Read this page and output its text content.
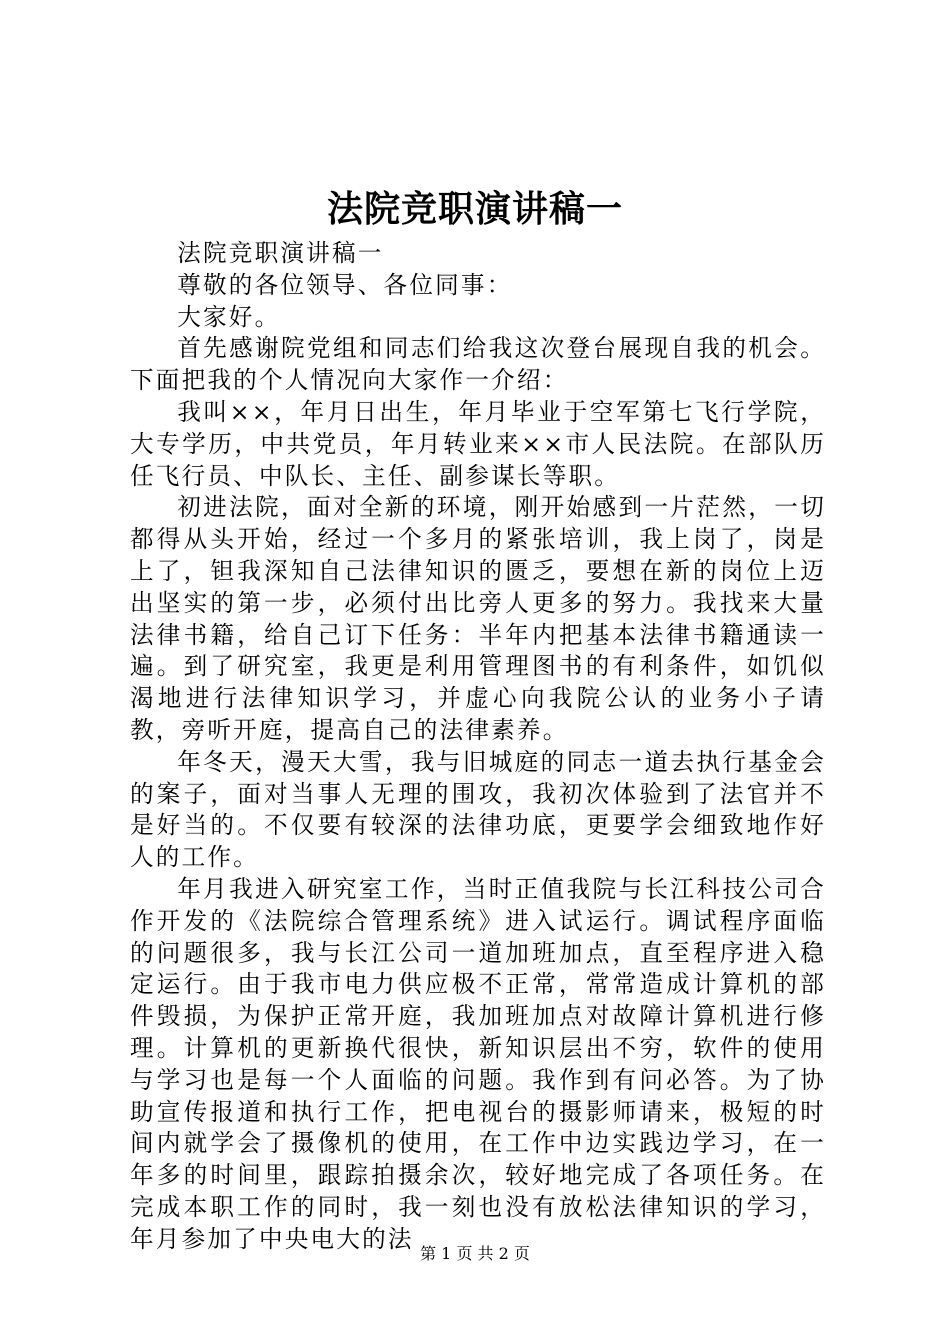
法院竞职演讲稿一

法院竞职演讲稿一

尊敬的各位领导、各位同事：

大家好。

首先感谢院党组和同志们给我这次登台展现自我的机会。下面把我的个人情况向大家作一介绍：

我叫××，年月日出生，年月毕业于空军第七飞行学院，大专学历，中共党员，年月转业来××市人民法院。在部队历任飞行员、中队长、主任、副参谋长等职。

初进法院，面对全新的环境，刚开始感到一片茫然，一切都得从头开始，经过一个多月的紧张培训，我上岗了，岗是上了，钽我深知自己法律知识的匮乏，要想在新的岗位上迈出坚实的第一步，必须付出比旁人更多的努力。我找来大量法律书籍，给自己订下任务：半年内把基本法律书籍通读一遍。到了研究室，我更是利用管理图书的有利条件，如饥似渴地进行法律知识学习，并虚心向我院公认的业务小子请教，旁听开庭，提高自己的法律素养。

年冬天，漫天大雪，我与旧城庭的同志一道去执行基金会的案子，面对当事人无理的围攻，我初次体验到了法官并不是好当的。不仅要有较深的法律功底，更要学会细致地作好人的工作。

年月我进入研究室工作，当时正值我院与长江科技公司合作开发的《法院综合管理系统》进入试运行。调试程序面临的问题很多，我与长江公司一道加班加点，直至程序进入稳定运行。由于我市电力供应极不正常，常常造成计算机的部件毁损，为保护正常开庭，我加班加点对故障计算机进行修理。计算机的更新换代很快，新知识层出不穷，软件的使用与学习也是每一个人面临的问题。我作到有问必答。为了协助宣传报道和执行工作，把电视台的摄影师请来，极短的时间内就学会了摄像机的使用，在工作中边实践边学习，在一年多的时间里，跟踪拍摄余次，较好地完成了各项任务。在完成本职工作的同时，我一刻也没有放松法律知识的学习，年月参加了中央电大的法

第 1 页 共 2 页
